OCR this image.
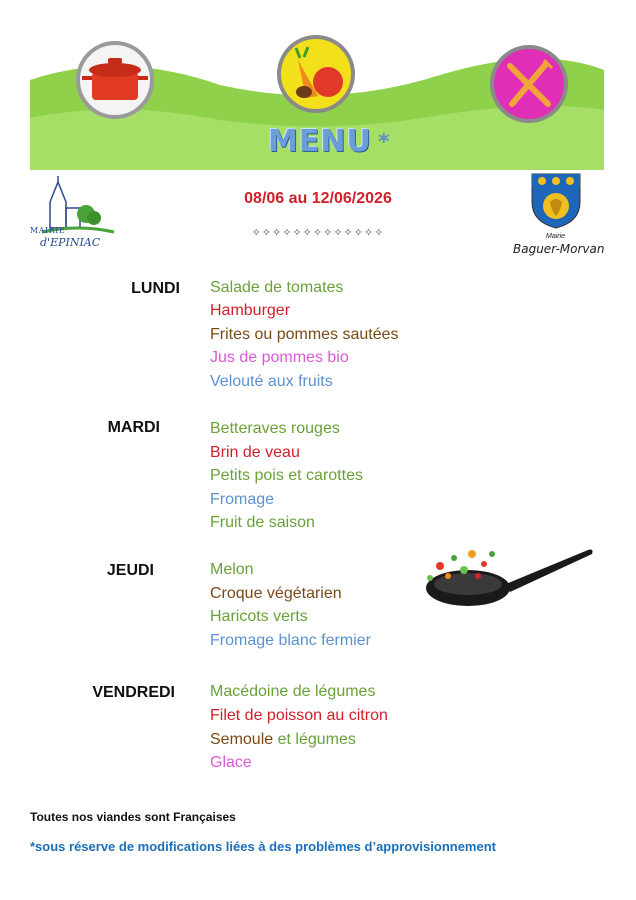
MENU *
MAIRIE
d'EPINIAC	Mairie
Baguer-Morvan
08/06 au 12/06/2026
✧✧✧✧✧✧✧✧✧✧✧✧✧
LUNDI Salade de tomates
Hamburger
Frites ou pommes sautées
Jus de pommes bio
Velouté aux fruits
MARDI	Betteraves rouges
Brin de veau
Petits pois et carottes
Fromage
Fruit de saison
JEUDI	Melon
Croque végétarien
Haricots verts
Fromage blanc fermier
VENDREDI Macédoine de légumes
Filet de poisson au citron
Semoule et légumes
Glace
Toutes nos viandes sont Françaises
*sous réserve de modifications liées à des problèmes d’approvisionnement
